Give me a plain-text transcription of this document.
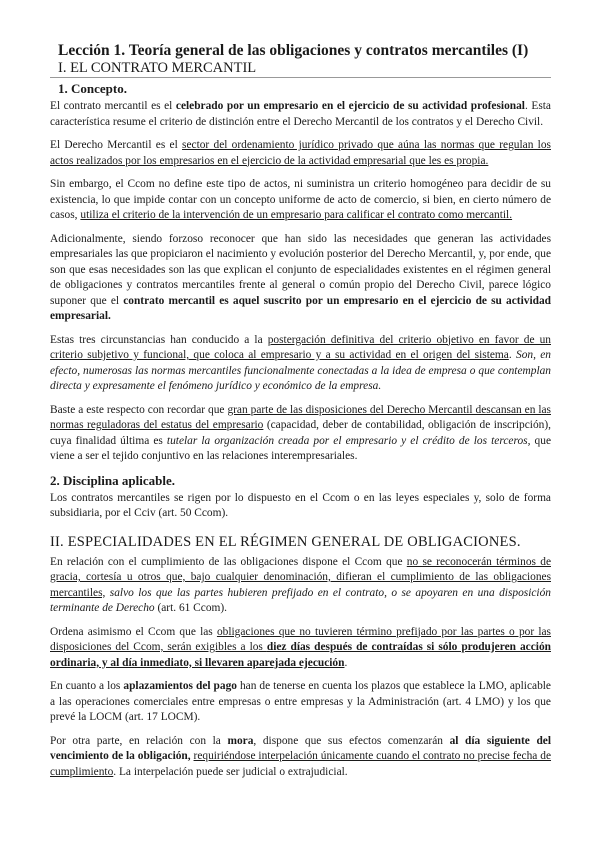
Lección 1. Teoría general de las obligaciones y contratos mercantiles (I)
I. EL CONTRATO MERCANTIL
1. Concepto.

El contrato mercantil es el celebrado por un empresario en el ejercicio de su actividad profesional. Esta característica resume el criterio de distinción entre el Derecho Mercantil de los contratos y el Derecho Civil.

El Derecho Mercantil es el sector del ordenamiento jurídico privado que aúna las normas que regulan los actos realizados por los empresarios en el ejercicio de la actividad empresarial que les es propia.

Sin embargo, el Ccom no define este tipo de actos, ni suministra un criterio homogéneo para decidir de su existencia, lo que impide contar con un concepto uniforme de acto de comercio, si bien, en cierto número de casos, utiliza el criterio de la intervención de un empresario para calificar el contrato como mercantil.

Adicionalmente, siendo forzoso reconocer que han sido las necesidades que generan las actividades empresariales las que propiciaron el nacimiento y evolución posterior del Derecho Mercantil, y, por ende, que son que esas necesidades son las que explican el conjunto de especialidades existentes en el régimen general de obligaciones y contratos mercantiles frente al general o común propio del Derecho Civil, parece lógico suponer que el contrato mercantil es aquel suscrito por un empresario en el ejercicio de su actividad empresarial.

Estas tres circunstancias han conducido a la postergación definitiva del criterio objetivo en favor de un criterio subjetivo y funcional, que coloca al empresario y a su actividad en el origen del sistema. Son, en efecto, numerosas las normas mercantiles funcionalmente conectadas a la idea de empresa o que contemplan directa y expresamente el fenómeno jurídico y económico de la empresa.

Baste a este respecto con recordar que gran parte de las disposiciones del Derecho Mercantil descansan en las normas reguladoras del estatus del empresario (capacidad, deber de contabilidad, obligación de inscripción), cuya finalidad última es tutelar la organización creada por el empresario y el crédito de los terceros, que viene a ser el tejido conjuntivo en las relaciones interempresariales.

2. Disciplina aplicable.

Los contratos mercantiles se rigen por lo dispuesto en el Ccom o en las leyes especiales y, solo de forma subsidiaria, por el Cciv (art. 50 Ccom).

II. ESPECIALIDADES EN EL RÉGIMEN GENERAL DE OBLIGACIONES.

En relación con el cumplimiento de las obligaciones dispone el Ccom que no se reconocerán términos de gracia, cortesía u otros que, bajo cualquier denominación, difieran el cumplimiento de las obligaciones mercantiles, salvo los que las partes hubieren prefijado en el contrato, o se apoyaren en una disposición terminante de Derecho (art. 61 Ccom).

Ordena asimismo el Ccom que las obligaciones que no tuvieren término prefijado por las partes o por las disposiciones del Ccom, serán exigibles a los diez días después de contraídas si sólo produjeren acción ordinaria, y al día inmediato, si llevaren aparejada ejecución.

En cuanto a los aplazamientos del pago han de tenerse en cuenta los plazos que establece la LMO, aplicable a las operaciones comerciales entre empresas o entre empresas y la Administración (art. 4 LMO) y los que prevé la LOCM (art. 17 LOCM).

Por otra parte, en relación con la mora, dispone que sus efectos comenzarán al día siguiente del vencimiento de la obligación, requiriéndose interpelación únicamente cuando el contrato no precise fecha de cumplimiento. La interpelación puede ser judicial o extrajudicial.
